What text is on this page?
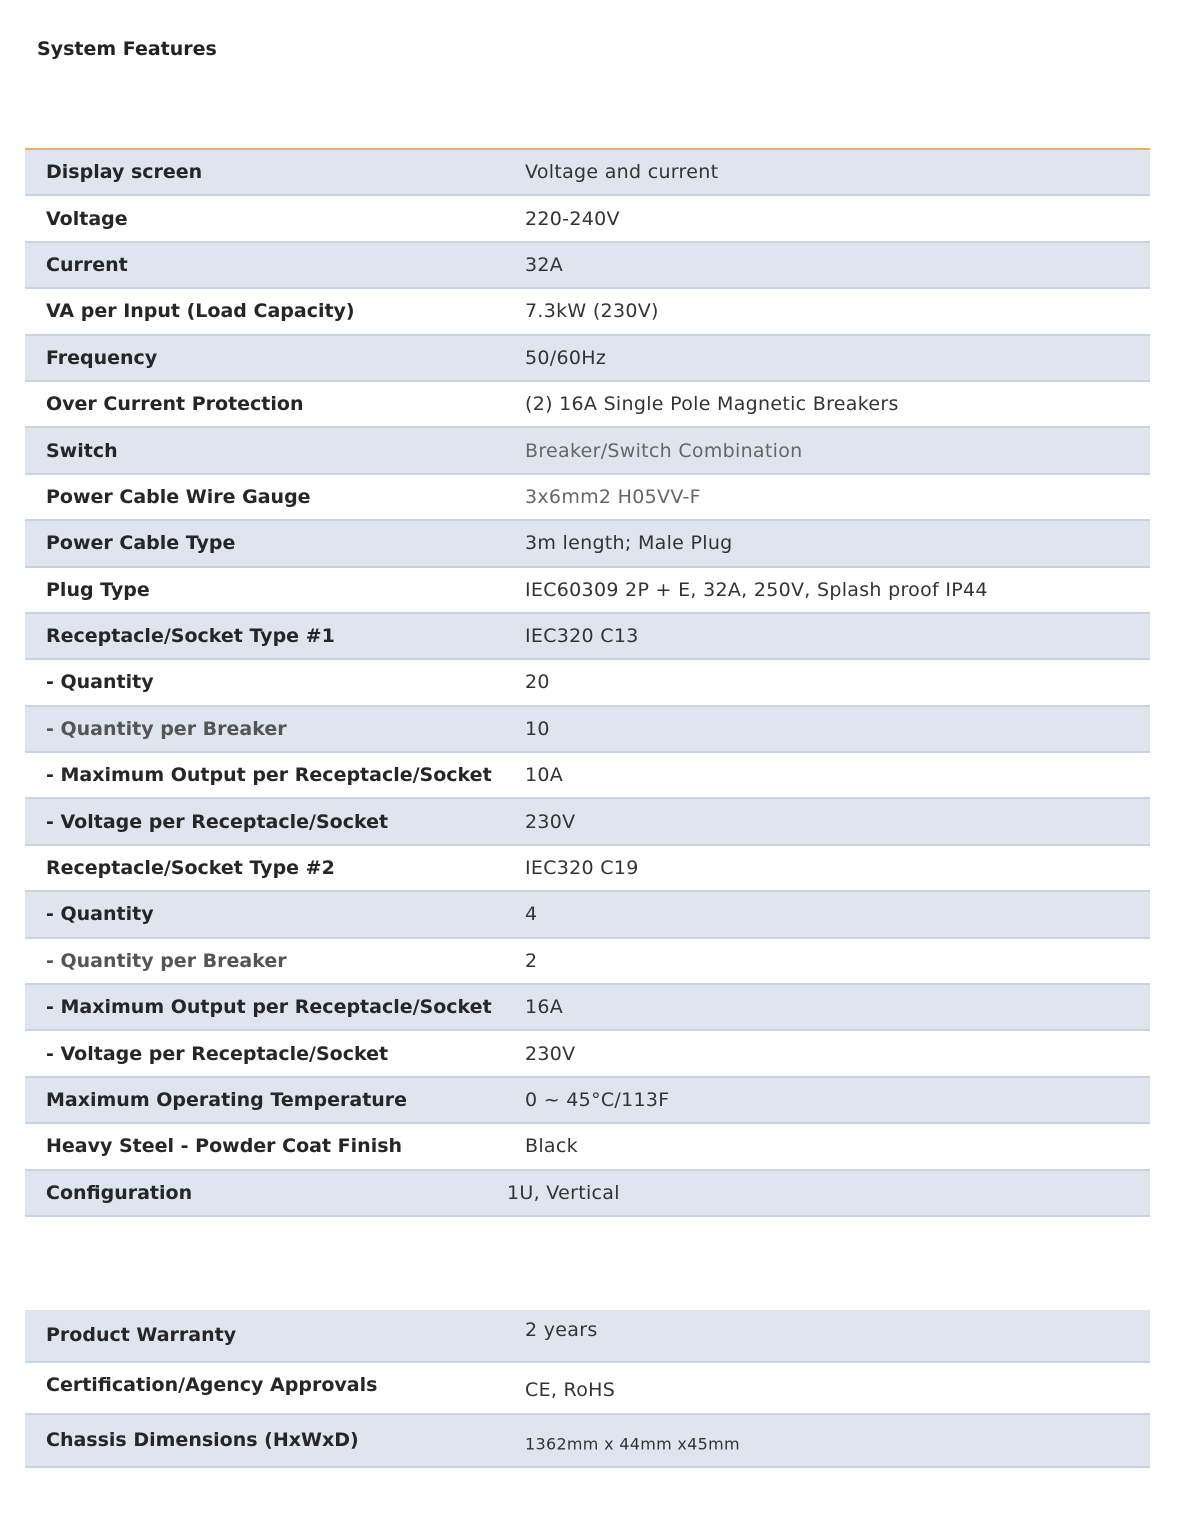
System Features
Display screen	Voltage and current
Voltage	220-240V
Current	32A
VA per Input (Load Capacity)	7.3kW (230V)
Frequency	50/60Hz
Over Current Protection	(2) 16A Single Pole Magnetic Breakers
Switch	Breaker/Switch Combination
Power Cable Wire Gauge	3x6mm2 H05VV-F
Power Cable Type	3m length; Male Plug
Plug Type	IEC60309 2P + E, 32A, 250V, Splash proof IP44
Receptacle/Socket Type #1	IEC320 C13
- Quantity	20
- Quantity per Breaker	10
- Maximum Output per Receptacle/Socket 10A
- Voltage per Receptacle/Socket	230V
Receptacle/Socket Type #2	IEC320 C19
- Quantity	4
- Quantity per Breaker	2
- Maximum Output per Receptacle/Socket 16A
- Voltage per Receptacle/Socket	230V
Maximum Operating Temperature	0 ~ 45°C/113F
Heavy Steel - Powder Coat Finish	Black
Configuration	1U, Vertical
Product Warranty	2 years
Certification/Agency Approvals	CE, RoHS
Chassis Dimensions (HxWxD)	1362mm x 44mm x45mm
